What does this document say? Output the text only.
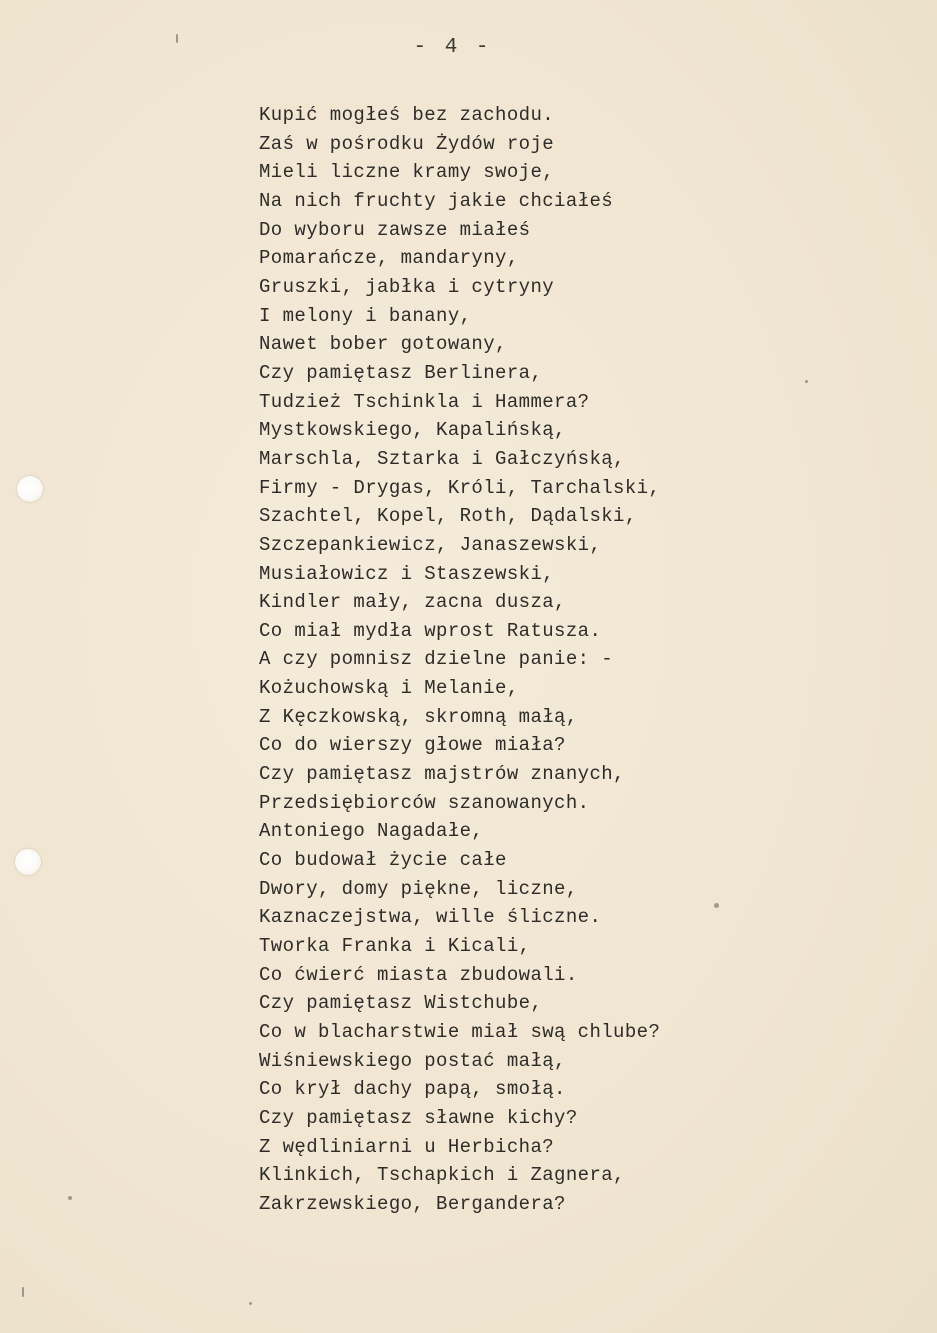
- 4 -
Kupić mogłeś bez zachodu.
Zaś w pośrodku Żydów roje
Mieli liczne kramy swoje,
Na nich fruchty jakie chciałeś
Do wyboru zawsze miałeś
Pomarańcze, mandaryny,
Gruszki, jabłka i cytryny
I melony i banany,
Nawet bober gotowany,
Czy pamiętasz Berlinera,
Tudzież Tschinkla i Hammera?
Mystkowskiego, Kapalińską,
Marschla, Sztarka i Gałczyńską,
Firmy - Drygas, Króli, Tarchalski,
Szachtel, Kopel, Roth, Dądalski,
Szczepankiewicz, Janaszewski,
Musiałowicz i Staszewski,
Kindler mały, zacna dusza,
Co miał mydła wprost Ratusza.
A czy pomnisz dzielne panie: -
Kożuchowską i Melanie,
Z Kęczkowską, skromną małą,
Co do wierszy głowe miała?
Czy pamiętasz majstrów znanych,
Przedsiębiorców szanowanych.
Antoniego Nagadałe,
Co budował życie całe
Dwory, domy piękne, liczne,
Kaznaczejstwa, wille śliczne.
Tworka Franka i Kicali,
Co ćwierć miasta zbudowali.
Czy pamiętasz Wistchube,
Co w blacharstwie miał swą chlube?
Wiśniewskiego postać małą,
Co krył dachy papą, smołą.
Czy pamiętasz sławne kichy?
Z wędliniarni u Herbicha?
Klinkich, Tschapkich i Zagnera,
Zakrzewskiego, Bergandera?
